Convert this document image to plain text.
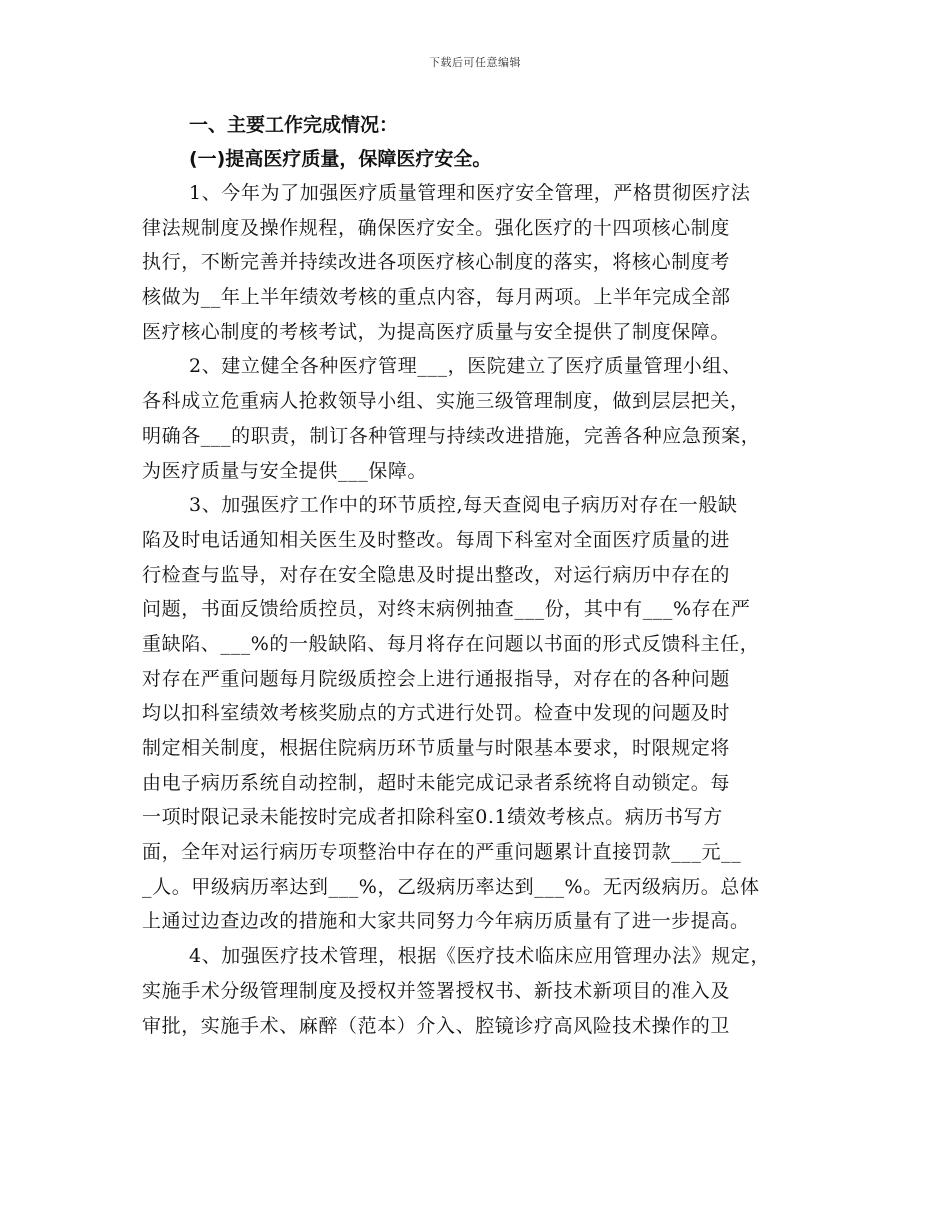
下载后可任意编辑
一、主要工作完成情况：
(一)提高医疗质量，保障医疗安全。
1、今年为了加强医疗质量管理和医疗安全管理，严格贯彻医疗法
律法规制度及操作规程，确保医疗安全。强化医疗的十四项核心制度
执行，不断完善并持续改进各项医疗核心制度的落实，将核心制度考
核做为__年上半年绩效考核的重点内容，每月两项。上半年完成全部
医疗核心制度的考核考试，为提高医疗质量与安全提供了制度保障。
2、建立健全各种医疗管理___，医院建立了医疗质量管理小组、
各科成立危重病人抢救领导小组、实施三级管理制度，做到层层把关，
明确各___的职责，制订各种管理与持续改进措施，完善各种应急预案，
为医疗质量与安全提供___保障。
3、加强医疗工作中的环节质控,每天查阅电子病历对存在一般缺
陷及时电话通知相关医生及时整改。每周下科室对全面医疗质量的进
行检查与监导，对存在安全隐患及时提出整改，对运行病历中存在的
问题，书面反馈给质控员，对终末病例抽查___份，其中有___%存在严
重缺陷、___%的一般缺陷、每月将存在问题以书面的形式反馈科主任，
对存在严重问题每月院级质控会上进行通报指导，对存在的各种问题
均以扣科室绩效考核奖励点的方式进行处罚。检查中发现的问题及时
制定相关制度，根据住院病历环节质量与时限基本要求，时限规定将
由电子病历系统自动控制，超时未能完成记录者系统将自动锁定。每
一项时限记录未能按时完成者扣除科室0.1绩效考核点。病历书写方
面，全年对运行病历专项整治中存在的严重问题累计直接罚款___元__
_人。甲级病历率达到___%，乙级病历率达到___%。无丙级病历。总体
上通过边查边改的措施和大家共同努力今年病历质量有了进一步提高。
4、加强医疗技术管理，根据《医疗技术临床应用管理办法》规定，
实施手术分级管理制度及授权并签署授权书、新技术新项目的准入及
审批，实施手术、麻醉（范本）介入、腔镜诊疗高风险技术操作的卫
